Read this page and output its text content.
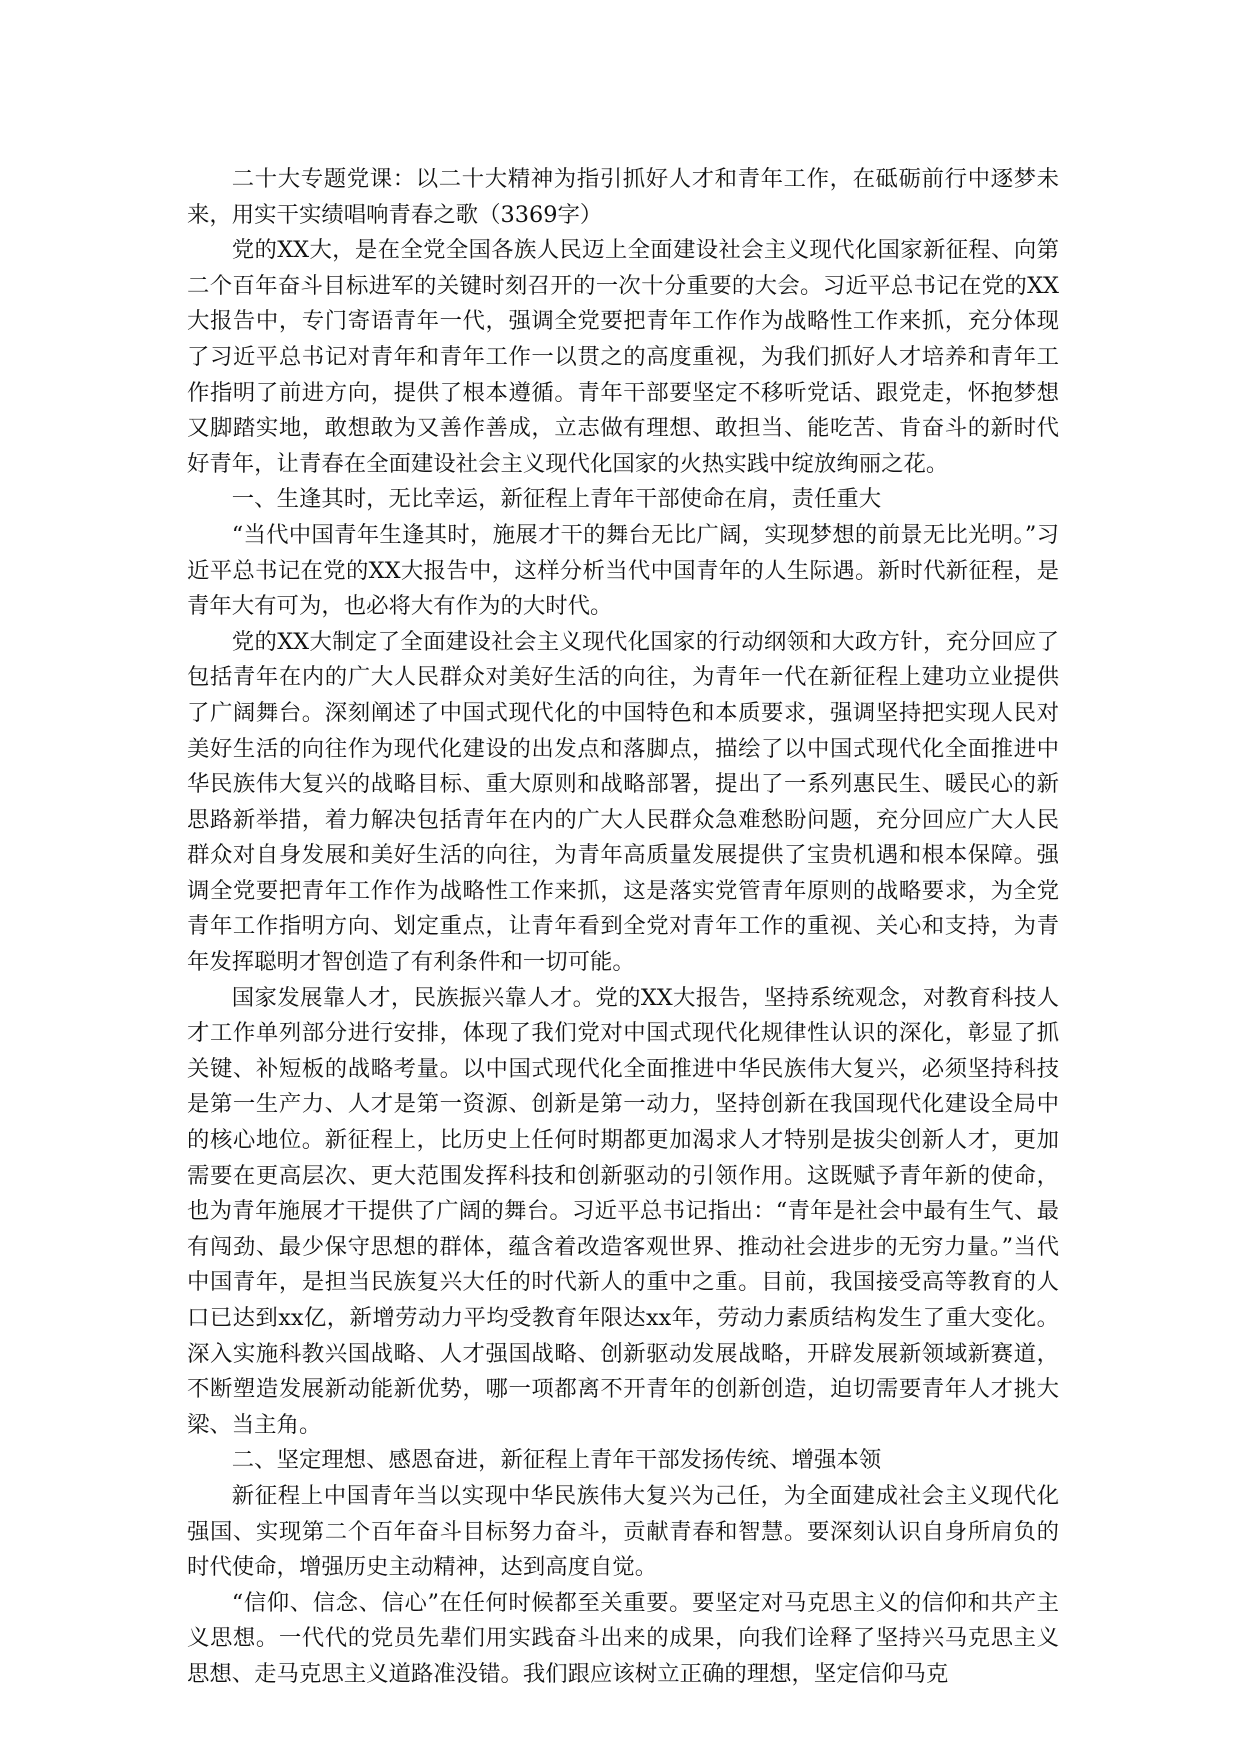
二十大专题党课：以二十大精神为指引抓好人才和青年工作，在砥砺前行中逐梦未来，用实干实绩唱响青春之歌（3369字）

党的XX大，是在全党全国各族人民迈上全面建设社会主义现代化国家新征程、向第二个百年奋斗目标进军的关键时刻召开的一次十分重要的大会。习近平总书记在党的XX大报告中，专门寄语青年一代，强调全党要把青年工作作为战略性工作来抓，充分体现了习近平总书记对青年和青年工作一以贯之的高度重视，为我们抓好人才培养和青年工作指明了前进方向，提供了根本遵循。青年干部要坚定不移听党话、跟党走，怀抱梦想又脚踏实地，敢想敢为又善作善成，立志做有理想、敢担当、能吃苦、肯奋斗的新时代好青年，让青春在全面建设社会主义现代化国家的火热实践中绽放绚丽之花。

一、生逢其时，无比幸运，新征程上青年干部使命在肩，责任重大

“当代中国青年生逢其时，施展才干的舞台无比广阔，实现梦想的前景无比光明。”习近平总书记在党的XX大报告中，这样分析当代中国青年的人生际遇。新时代新征程，是青年大有可为，也必将大有作为的大时代。

党的XX大制定了全面建设社会主义现代化国家的行动纲领和大政方针，充分回应了包括青年在内的广大人民群众对美好生活的向往，为青年一代在新征程上建功立业提供了广阔舞台。深刻阐述了中国式现代化的中国特色和本质要求，强调坚持把实现人民对美好生活的向往作为现代化建设的出发点和落脚点，描绘了以中国式现代化全面推进中华民族伟大复兴的战略目标、重大原则和战略部署，提出了一系列惠民生、暖民心的新思路新举措，着力解决包括青年在内的广大人民群众急难愁盼问题，充分回应广大人民群众对自身发展和美好生活的向往，为青年高质量发展提供了宝贵机遇和根本保障。强调全党要把青年工作作为战略性工作来抓，这是落实党管青年原则的战略要求，为全党青年工作指明方向、划定重点，让青年看到全党对青年工作的重视、关心和支持，为青年发挥聪明才智创造了有利条件和一切可能。

国家发展靠人才，民族振兴靠人才。党的XX大报告，坚持系统观念，对教育科技人才工作单列部分进行安排，体现了我们党对中国式现代化规律性认识的深化，彰显了抓关键、补短板的战略考量。以中国式现代化全面推进中华民族伟大复兴，必须坚持科技是第一生产力、人才是第一资源、创新是第一动力，坚持创新在我国现代化建设全局中的核心地位。新征程上，比历史上任何时期都更加渴求人才特别是拔尖创新人才，更加需要在更高层次、更大范围发挥科技和创新驱动的引领作用。这既赋予青年新的使命，也为青年施展才干提供了广阔的舞台。习近平总书记指出：“青年是社会中最有生气、最有闯劲、最少保守思想的群体，蕴含着改造客观世界、推动社会进步的无穷力量。”当代中国青年，是担当民族复兴大任的时代新人的重中之重。目前，我国接受高等教育的人口已达到xx亿，新增劳动力平均受教育年限达xx年，劳动力素质结构发生了重大变化。深入实施科教兴国战略、人才强国战略、创新驱动发展战略，开辟发展新领域新赛道，不断塑造发展新动能新优势，哪一项都离不开青年的创新创造，迫切需要青年人才挑大梁、当主角。

二、坚定理想、感恩奋进，新征程上青年干部发扬传统、增强本领

新征程上中国青年当以实现中华民族伟大复兴为己任，为全面建成社会主义现代化强国、实现第二个百年奋斗目标努力奋斗，贡献青春和智慧。要深刻认识自身所肩负的时代使命，增强历史主动精神，达到高度自觉。

“信仰、信念、信心”在任何时候都至关重要。要坚定对马克思主义的信仰和共产主义思想。一代代的党员先辈们用实践奋斗出来的成果，向我们诠释了坚持兴马克思主义思想、走马克思主义道路准没错。我们跟应该树立正确的理想，坚定信仰马克
